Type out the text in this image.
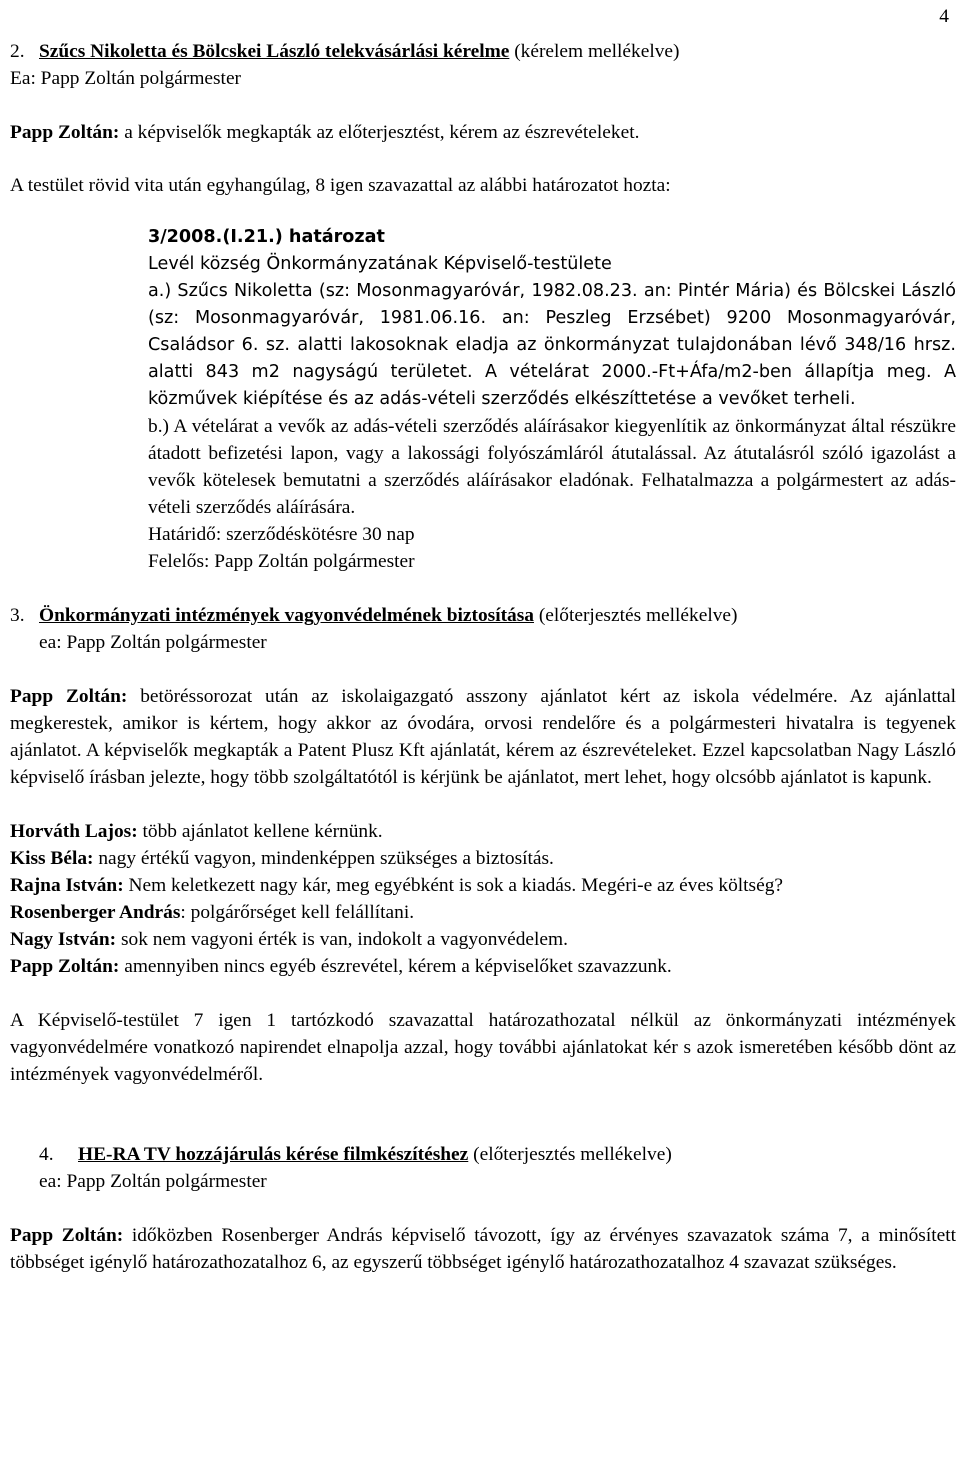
4
2. Szűcs Nikoletta és Bölcskei László telekvásárlási kérelme (kérelem mellékelve)

Ea: Papp Zoltán polgármester

Papp Zoltán: a képviselők megkapták az előterjesztést, kérem az észrevételeket.

A testület rövid vita után egyhangúlag, 8 igen szavazattal az alábbi határozatot hozta:

3/2008.(I.21.) határozat

Levél község Önkormányzatának Képviselő-testülete

a.) Szűcs Nikoletta (sz: Mosonmagyaróvár, 1982.08.23. an: Pintér Mária) és Bölcskei László (sz: Mosonmagyaróvár, 1981.06.16. an: Peszleg Erzsébet) 9200 Mosonmagyaróvár, Családsor 6. sz. alatti lakosoknak eladja az önkormányzat tulajdonában lévő 348/16 hrsz. alatti 843 m2 nagyságú területet. A vételárat 2000.-Ft+Áfa/m2-ben állapítja meg. A közművek kiépítése és az adás-vételi szerződés elkészíttetése a vevőket terheli.

b.) A vételárat a vevők az adás-vételi szerződés aláírásakor kiegyenlítik az önkormányzat által részükre átadott befizetési lapon, vagy a lakossági folyószámláról átutalással. Az átutalásról szóló igazolást a vevők kötelesek bemutatni a szerződés aláírásakor eladónak. Felhatalmazza a polgármestert az adás-vételi szerződés aláírására.

Határidő: szerződéskötésre 30 nap

Felelős: Papp Zoltán polgármester

3. Önkormányzati intézmények vagyonvédelmének biztosítása (előterjesztés mellékelve)

ea: Papp Zoltán polgármester

Papp Zoltán: betöréssorozat után az iskolaigazgató asszony ajánlatot kért az iskola védelmére. Az ajánlattal megkerestek, amikor is kértem, hogy akkor az óvodára, orvosi rendelőre és a polgármesteri hivatalra is tegyenek ajánlatot. A képviselők megkapták a Patent Plusz Kft ajánlatát, kérem az észrevételeket. Ezzel kapcsolatban Nagy László képviselő írásban jelezte, hogy több szolgáltatótól is kérjünk be ajánlatot, mert lehet, hogy olcsóbb ajánlatot is kapunk.

Horváth Lajos: több ajánlatot kellene kérnünk.

Kiss Béla: nagy értékű vagyon, mindenképpen szükséges a biztosítás.

Rajna István: Nem keletkezett nagy kár, meg egyébként is sok a kiadás. Megéri-e az éves költség?

Rosenberger András: polgárőrséget kell felállítani.

Nagy István: sok nem vagyoni érték is van, indokolt a vagyonvédelem.

Papp Zoltán: amennyiben nincs egyéb észrevétel, kérem a képviselőket szavazzunk.

A Képviselő-testület 7 igen 1 tartózkodó szavazattal határozathozatal nélkül az önkormányzati intézmények vagyonvédelmére vonatkozó napirendet elnapolja azzal, hogy további ajánlatokat kér s azok ismeretében később dönt az intézmények vagyonvédelméről.

4.	HE-RA TV hozzájárulás kérése filmkészítéshez (előterjesztés mellékelve)

ea: Papp Zoltán polgármester

Papp Zoltán: időközben Rosenberger András képviselő távozott, így az érvényes szavazatok száma 7, a minősített többséget igénylő határozathozatalhoz 6, az egyszerű többséget igénylő határozathozatalhoz 4 szavazat szükséges.
